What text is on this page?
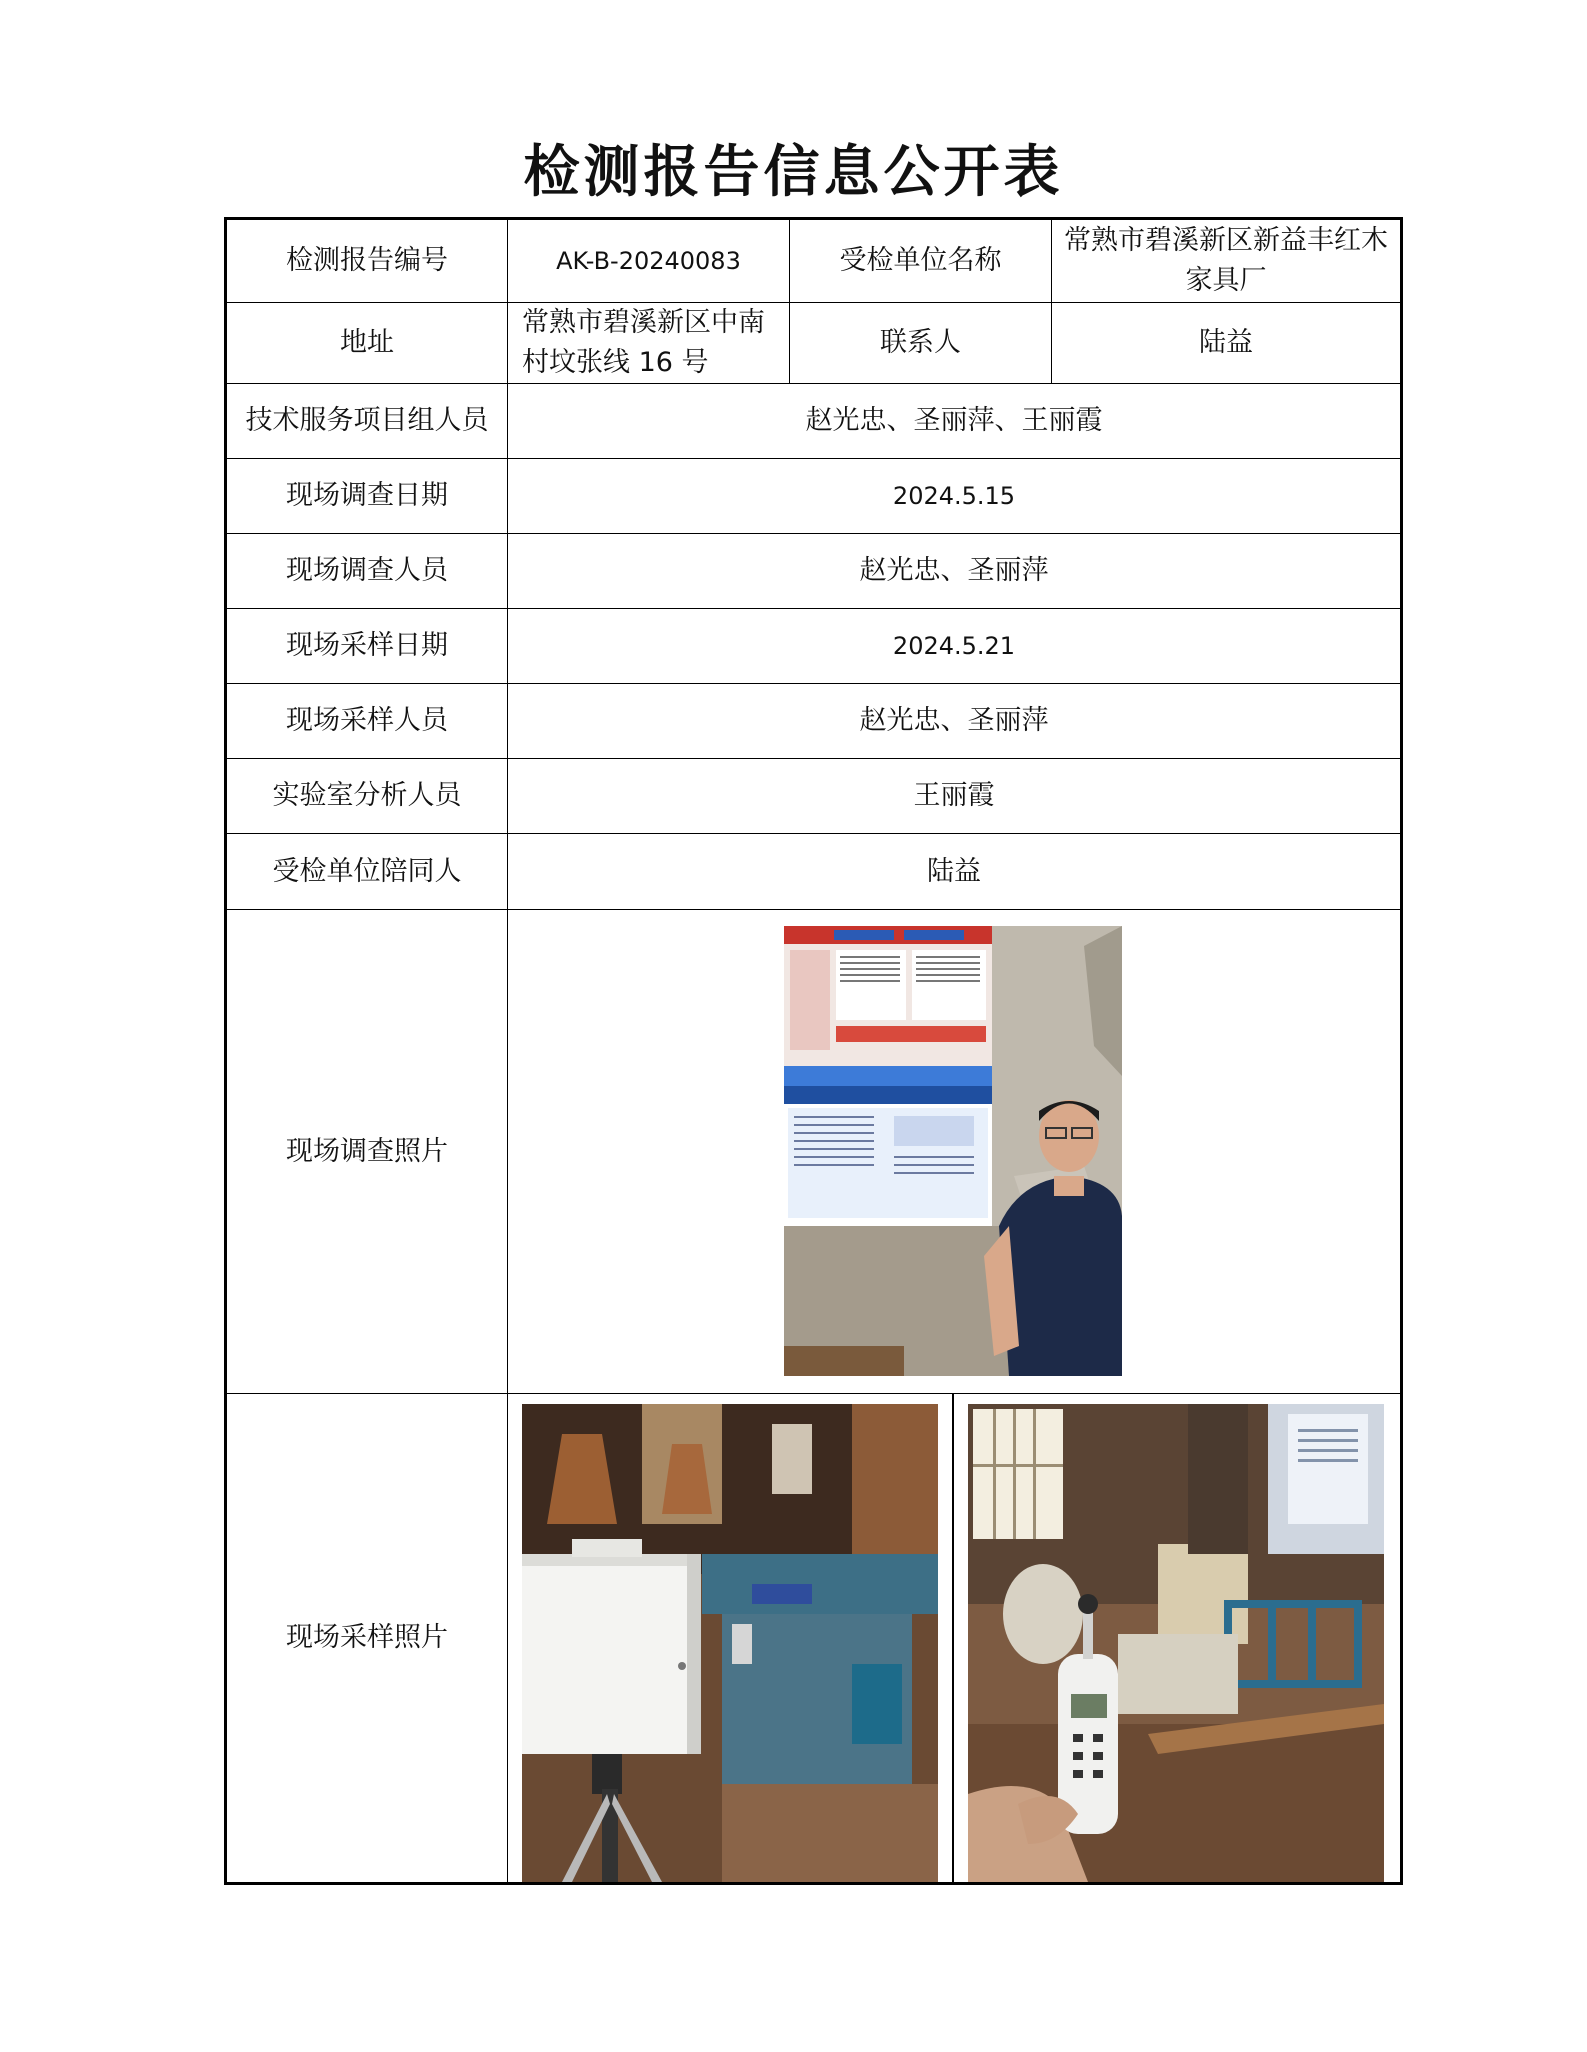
检测报告信息公开表
检测报告编号	AK-B-20240083	受检单位名称	常熟市碧溪新区新益丰红木家具厂
地址	常熟市碧溪新区中南村坟张线 16 号	联系人	陆益
技术服务项目组人员	赵光忠、圣丽萍、王丽霞		
现场调查日期	2024.5.15		
现场调查人员	赵光忠、圣丽萍		
现场采样日期	2024.5.21		
现场采样人员	赵光忠、圣丽萍		
实验室分析人员	王丽霞		
受检单位陪同人	陆益		
现场调查照片	

现场采样照片	
